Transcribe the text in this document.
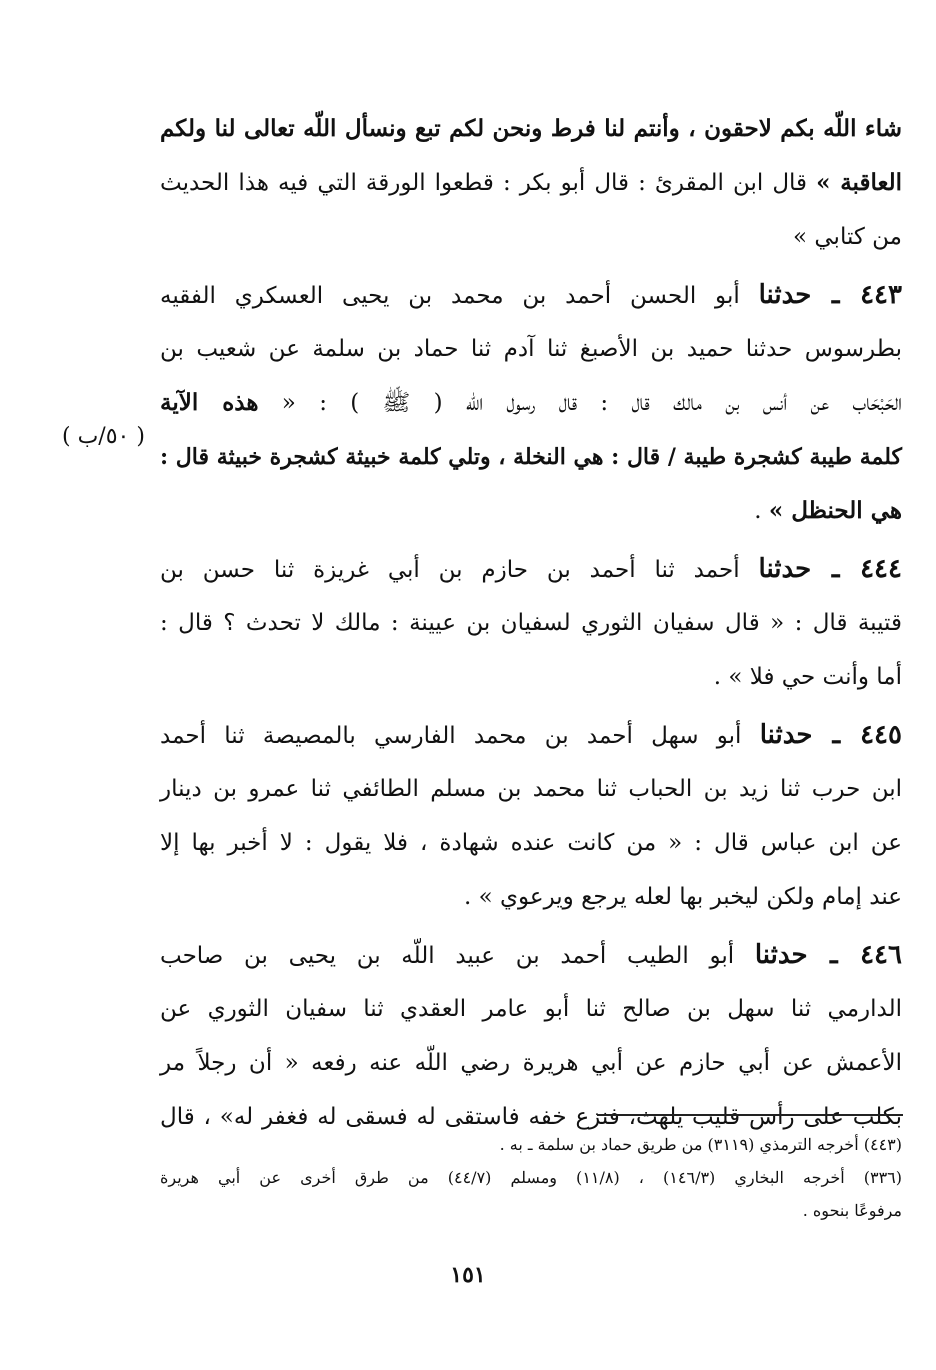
شاء اللّه بكم لاحقون ، وأنتم لنا فرط ونحن لكم تبع ونسأل اللّه تعالى لنا ولكم
العاقبة » قال ابن المقرئ : قال أبو بكر : قطعوا الورقة التي فيه هذا الحديث
من كتابي »
٤٤٣ ـ حدثنا أبو الحسن أحمد بن محمد بن يحيى العسكري الفقيه
بطرسوس حدثنا حميد بن الأصبغ ثنا آدم ثنا حماد بن سلمة عن شعيب بن
الحَبْحَاب عن أنس بن مالك قال : قال رسول اللّه ( ﷺ ) : « هذه الآية
كلمة طيبة كشجرة طيبة / قال : هي النخلة ، وتلي كلمة خبيثة كشجرة خبيثة قال :
هي الحنظل » .
٤٤٤ ـ حدثنا أحمد ثنا أحمد بن حازم بن أبي غريزة ثنا حسن بن
قتيبة قال : « قال سفيان الثوري لسفيان بن عيينة : مالك لا تحدث ؟ قال :
أما وأنت حي فلا » .
٤٤٥ ـ حدثنا أبو سهل أحمد بن محمد الفارسي بالمصيصة ثنا أحمد
ابن حرب ثنا زيد بن الحباب ثنا محمد بن مسلم الطائفي ثنا عمرو بن دينار
عن ابن عباس قال : « من كانت عنده شهادة ، فلا يقول : لا أخبر بها إلا
عند إمام ولكن ليخبر بها لعله يرجع ويرعوي » .
٤٤٦ ـ حدثنا أبو الطيب أحمد بن عبيد اللّه بن يحيى بن صاحب
الدارمي ثنا سهل بن صالح ثنا أبو عامر العقدي ثنا سفيان الثوري عن
الأعمش عن أبي حازم عن أبي هريرة رضي اللّه عنه رفعه « أن رجلاً مر
بكلب على رأس قليب يلهث، فنزع خفه فاستقى له فسقى له فغفر له» ، قال
( ٥٠/ب )
(٤٤٣) أخرجه الترمذي (٣١١٩) من طريق حماد بن سلمة ـ به .
(٣٣٦) أخرجه البخاري (١٤٦/٣) ، (١١/٨) ومسلم (٤٤/٧) من طرق أخرى عن أبي هريرة
مرفوعًا بنحوه .
١٥١
